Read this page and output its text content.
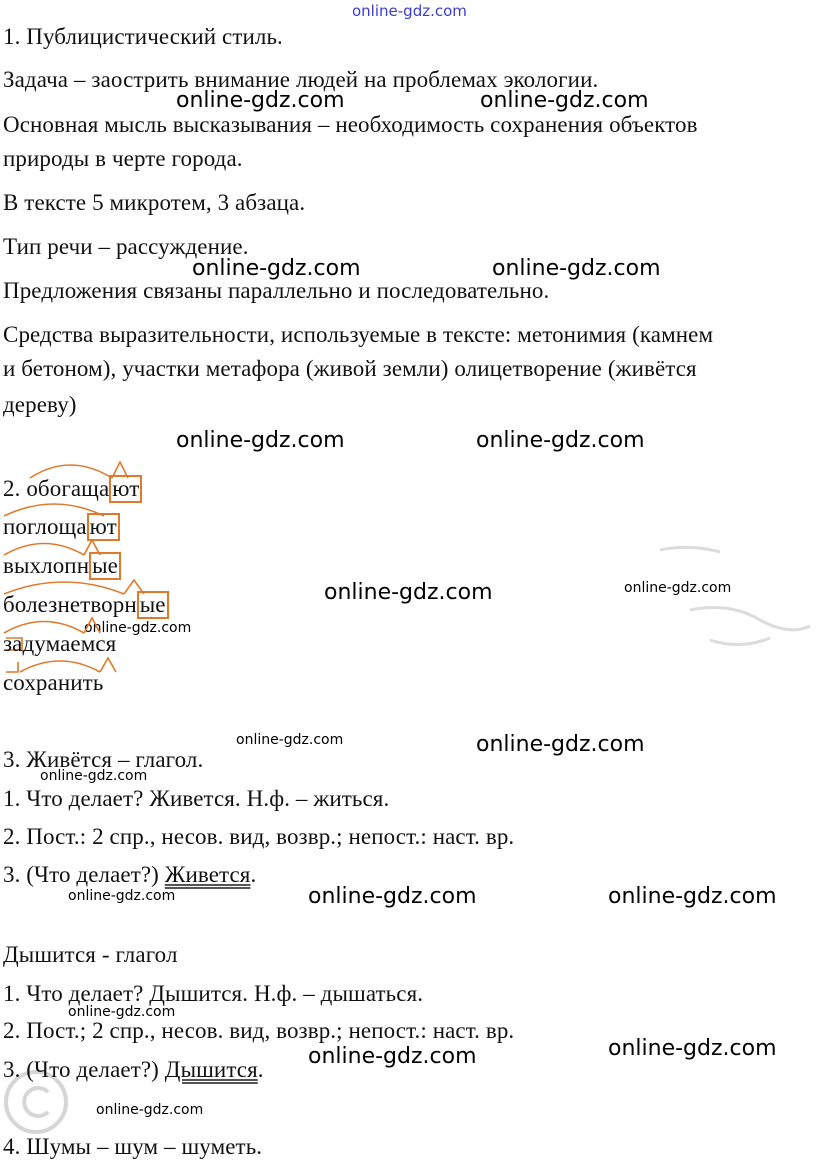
online-gdz.com
online-gdz.com	online-gdz.com
online-gdz.com	online-gdz.com
online-gdz.com	online-gdz.com
online-gdz.com	online-gdz.com
online-gdz.com
online-gdz.com	online-gdz.com
online-gdz.com
online-gdz.com	online-gdz.com	online-gdz.com
online-gdz.com
online-gdz.com	online-gdz.com
online-gdz.com
1. Публицистический стиль.
Задача – заострить внимание людей на проблемах экологии.
Основная мысль высказывания – необходимость сохранения объектов
природы в черте города.
В тексте 5 микротем, 3 абзаца.
Тип речи – рассуждение.
Предложения связаны параллельно и последовательно.
Средства выразительности, используемые в тексте: метонимия (камнем
и бетоном), участки метафора (живой земли) олицетворение (живётся
дереву)
2. обогаща ют
поглоща ют
выхлопн ые
болезнетворн ые
задумаемся
сохранить
3. Живётся – глагол.
1. Что делает? Живется. Н.ф. – житься.
2. Пост.: 2 спр., несов. вид, возвр.; непост.: наст. вр.
3. (Что делает?) Живется.
Дышится - глагол
1. Что делает? Дышится. Н.ф. – дышаться.
2. Пост.; 2 спр., несов. вид, возвр.; непост.: наст. вр.
3. (Что делает?) Дышится.
4. Шумы – шум – шуметь.
